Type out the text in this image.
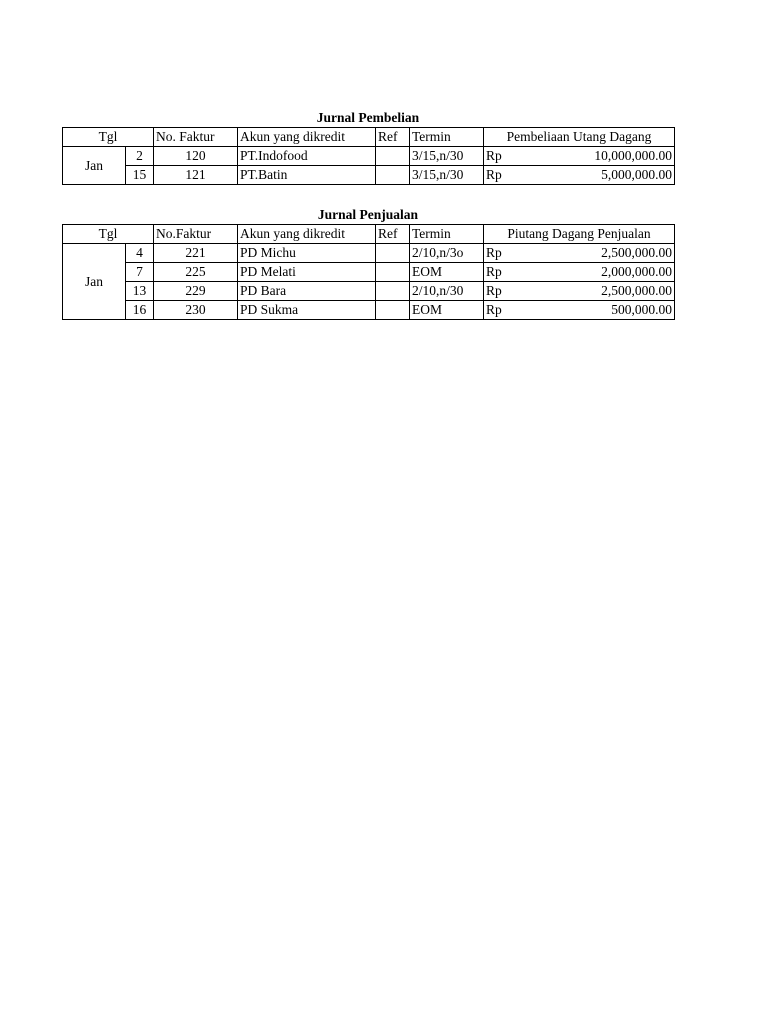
Jurnal Pembelian
Tgl		No. Faktur	Akun yang dikredit	Ref	Termin	Pembeliaan Utang Dagang
Jan	2	120	PT.Indofood		3/15,n/30	Rp 10,000,000.00

	15	121	PT.Batin		3/15,n/30	Rp 5,000,000.00
Jurnal Penjualan
Tgl		No.Faktur	Akun yang dikredit	Ref	Termin	Piutang Dagang Penjualan
Jan	4	221	PD Michu		2/10,n/3o	Rp 2,500,000.00

	7	225	PD Melati		EOM	Rp 2,000,000.00

	13	229	PD Bara		2/10,n/30	Rp 2,500,000.00

	16	230	PD Sukma		EOM	Rp 500,000.00
